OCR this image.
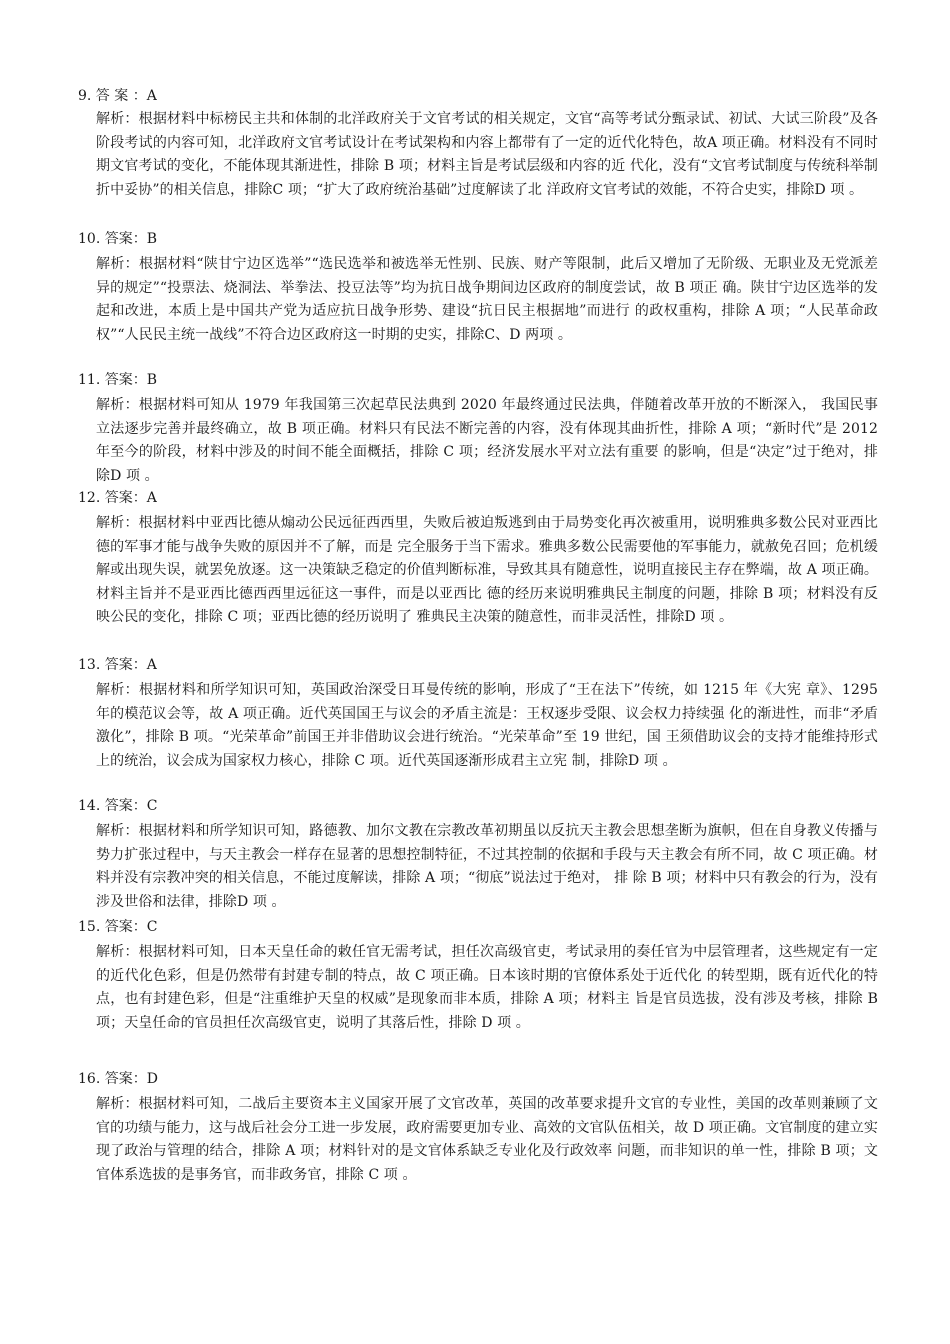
9. 答 案 ：A

解析：根据材料中标榜民主共和体制的北洋政府关于文官考试的相关规定，文官“高等考试分甄录试、初试、大试三阶段”及各阶段考试的内容可知，北洋政府文官考试设计在考试架构和内容上都带有了一定的近代化特色，故A 项正确。材料没有不同时期文官考试的变化，不能体现其渐进性，排除 B 项；材料主旨是考试层级和内容的近 代化，没有“文官考试制度与传统科举制折中妥协”的相关信息，排除C 项；“扩大了政府统治基础”过度解读了北 洋政府文官考试的效能，不符合史实，排除D 项 。

10. 答案：B

解析：根据材料“陕甘宁边区选举”“选民选举和被选举无性别、民族、财产等限制，此后又增加了无阶级、无职业及无党派差异的规定”“投票法、烧洞法、举拳法、投豆法等”均为抗日战争期间边区政府的制度尝试，故 B 项正 确。陕甘宁边区选举的发起和改进，本质上是中国共产党为适应抗日战争形势、建设“抗日民主根据地”而进行 的政权重构，排除 A 项；“人民革命政权”“人民民主统一战线”不符合边区政府这一时期的史实，排除C、D 两项 。

11. 答案：B

解析：根据材料可知从 1979 年我国第三次起草民法典到 2020 年最终通过民法典，伴随着改革开放的不断深入， 我国民事立法逐步完善并最终确立，故 B 项正确。材料只有民法不断完善的内容，没有体现其曲折性，排除 A 项；“新时代”是 2012 年至今的阶段，材料中涉及的时间不能全面概括，排除 C 项；经济发展水平对立法有重要 的影响，但是“决定”过于绝对，排除D 项 。

12. 答案：A

解析：根据材料中亚西比德从煽动公民远征西西里，失败后被迫叛逃到由于局势变化再次被重用，说明雅典多数公民对亚西比德的军事才能与战争失败的原因并不了解，而是 完全服务于当下需求。雅典多数公民需要他的军事能力，就赦免召回；危机缓解或出现失误，就罢免放逐。这一决策缺乏稳定的价值判断标准，导致其具有随意性，说明直接民主存在弊端，故 A 项正确。材料主旨并不是亚西比德西西里远征这一事件，而是以亚西比 德的经历来说明雅典民主制度的问题，排除 B 项；材料没有反映公民的变化，排除 C 项；亚西比德的经历说明了 雅典民主决策的随意性，而非灵活性，排除D 项 。

13. 答案：A

解析：根据材料和所学知识可知，英国政治深受日耳曼传统的影响，形成了“王在法下”传统，如 1215 年《大宪 章》、1295 年的模范议会等，故 A 项正确。近代英国国王与议会的矛盾主流是：王权逐步受限、议会权力持续强 化的渐进性，而非“矛盾激化”，排除 B 项。“光荣革命”前国王并非借助议会进行统治。“光荣革命”至 19 世纪，国 王须借助议会的支持才能维持形式上的统治，议会成为国家权力核心，排除 C 项。近代英国逐渐形成君主立宪 制，排除D 项 。

14. 答案：C

解析：根据材料和所学知识可知，路德教、加尔文教在宗教改革初期虽以反抗天主教会思想垄断为旗帜，但在自身教义传播与势力扩张过程中，与天主教会一样存在显著的思想控制特征，不过其控制的依据和手段与天主教会有所不同，故 C 项正确。材料并没有宗教冲突的相关信息，不能过度解读，排除 A 项；“彻底”说法过于绝对， 排 除 B 项；材料中只有教会的行为，没有涉及世俗和法律，排除D 项 。

15. 答案：C

解析：根据材料可知，日本天皇任命的敕任官无需考试，担任次高级官吏，考试录用的奏任官为中层管理者，这些规定有一定的近代化色彩，但是仍然带有封建专制的特点，故 C 项正确。日本该时期的官僚体系处于近代化 的转型期，既有近代化的特点，也有封建色彩，但是“注重维护天皇的权威”是现象而非本质，排除 A 项；材料主 旨是官员选拔，没有涉及考核，排除 B 项；天皇任命的官员担任次高级官吏，说明了其落后性，排除 D 项 。

16. 答案：D

解析：根据材料可知，二战后主要资本主义国家开展了文官改革，英国的改革要求提升文官的专业性，美国的改革则兼顾了文官的功绩与能力，这与战后社会分工进一步发展，政府需要更加专业、高效的文官队伍相关，故 D 项正确。文官制度的建立实现了政治与管理的结合，排除 A 项；材料针对的是文官体系缺乏专业化及行政效率 问题，而非知识的单一性，排除 B 项；文官体系选拔的是事务官，而非政务官，排除 C 项 。
